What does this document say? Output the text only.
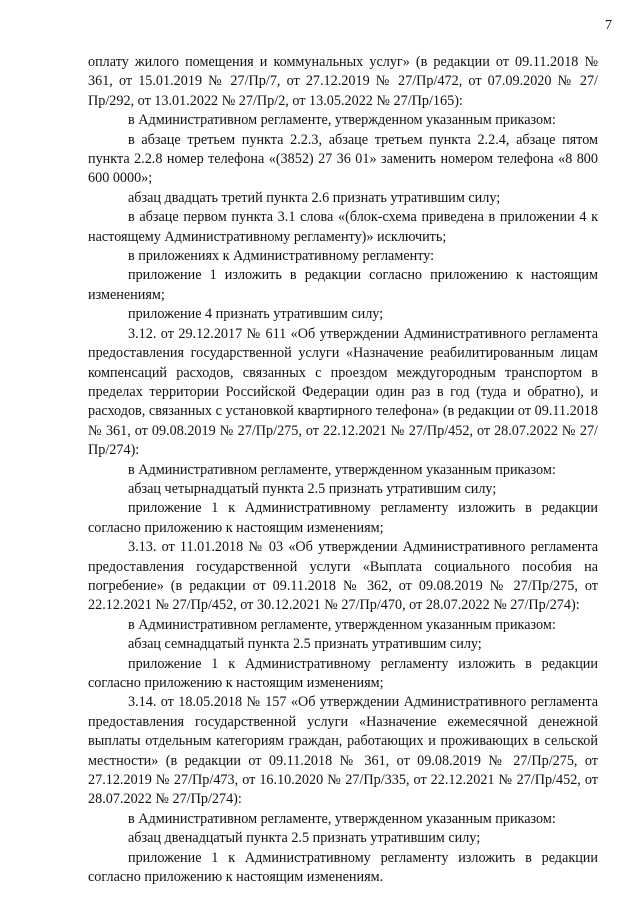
7

оплату жилого помещения и коммунальных услуг» (в редакции от 09.11.2018 № 361, от 15.01.2019 № 27/Пр/7, от 27.12.2019 № 27/Пр/472, от 07.09.2020 № 27/Пр/292, от 13.01.2022 № 27/Пр/2, от 13.05.2022 № 27/Пр/165):

в Административном регламенте, утвержденном указанным приказом:

в абзаце третьем пункта 2.2.3, абзаце третьем пункта 2.2.4, абзаце пятом пункта 2.2.8 номер телефона «(3852) 27 36 01» заменить номером телефона «8 800 600 0000»;

абзац двадцать третий пункта 2.6 признать утратившим силу;

в абзаце первом пункта 3.1 слова «(блок-схема приведена в приложении 4 к настоящему Административному регламенту)» исключить;

в приложениях к Административному регламенту:

приложение 1 изложить в редакции согласно приложению к настоящим изменениям;

приложение 4 признать утратившим силу;

3.12. от 29.12.2017 № 611 «Об утверждении Административного регламента предоставления государственной услуги «Назначение реабилитированным лицам компенсаций расходов, связанных с проездом междугородным транспортом в пределах территории Российской Федерации один раз в год (туда и обратно), и расходов, связанных с установкой квартирного телефона» (в редакции от 09.11.2018 № 361, от 09.08.2019 № 27/Пр/275, от 22.12.2021 № 27/Пр/452, от 28.07.2022 № 27/Пр/274):

в Административном регламенте, утвержденном указанным приказом:

абзац четырнадцатый пункта 2.5 признать утратившим силу;

приложение 1 к Административному регламенту изложить в редакции согласно приложению к настоящим изменениям;

3.13. от 11.01.2018 № 03 «Об утверждении Административного регламента предоставления государственной услуги «Выплата социального пособия на погребение» (в редакции от 09.11.2018 № 362, от 09.08.2019 № 27/Пр/275, от 22.12.2021 № 27/Пр/452, от 30.12.2021 № 27/Пр/470, от 28.07.2022 № 27/Пр/274):

в Административном регламенте, утвержденном указанным приказом:

абзац семнадцатый пункта 2.5 признать утратившим силу;

приложение 1 к Административному регламенту изложить в редакции согласно приложению к настоящим изменениям;

3.14. от 18.05.2018 № 157 «Об утверждении Административного регламента предоставления государственной услуги «Назначение ежемесячной денежной выплаты отдельным категориям граждан, работающих и проживающих в сельской местности» (в редакции от 09.11.2018 № 361, от 09.08.2019 № 27/Пр/275, от 27.12.2019 № 27/Пр/473, от 16.10.2020 № 27/Пр/335, от 22.12.2021 № 27/Пр/452, от 28.07.2022 № 27/Пр/274):

в Административном регламенте, утвержденном указанным приказом:

абзац двенадцатый пункта 2.5 признать утратившим силу;

приложение 1 к Административному регламенту изложить в редакции согласно приложению к настоящим изменениям.
